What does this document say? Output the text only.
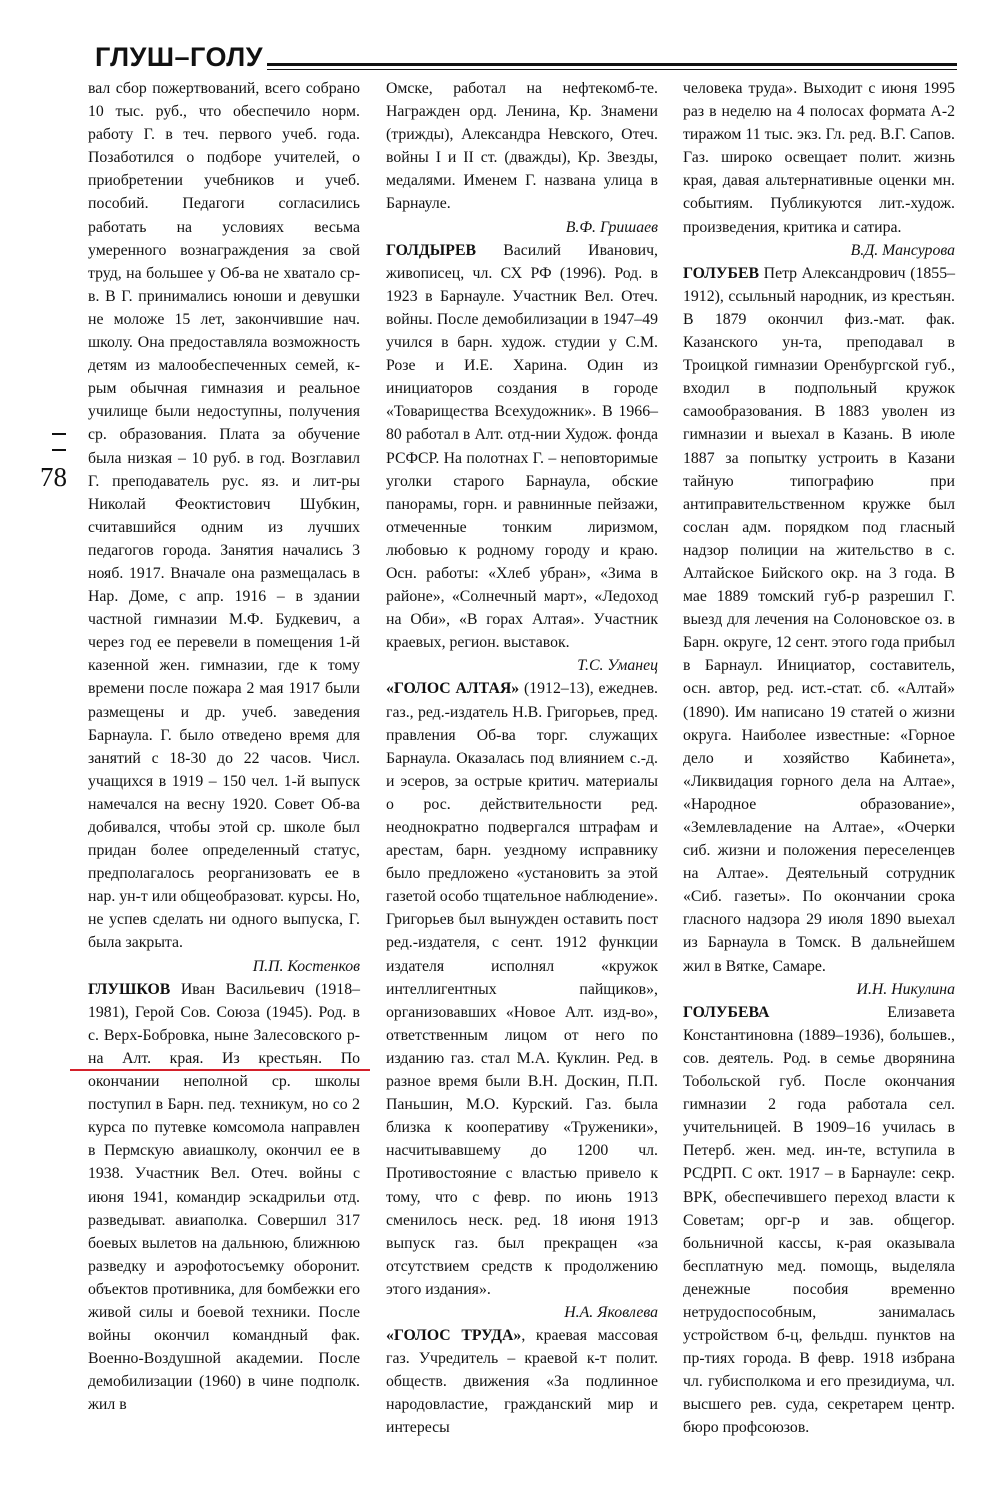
ГЛУШ–ГОЛУ
78

вал сбор пожертвований, всего собрано 10 тыс. руб., что обеспечило норм. работу Г. в теч. первого учеб. года. Позаботился о подборе учителей, о приобретении учебников и учеб. пособий. Педагоги согласились работать на условиях весьма умеренного вознаграждения за свой труд, на большее у Об-ва не хватало ср-в. В Г. принимались юноши и девушки не моложе 15 лет, закончившие нач. школу. Она предоставляла возможность детям из малообеспеченных семей, к-рым обычная гимназия и реальное училище были недоступны, получения ср. образования. Плата за обучение была низкая – 10 руб. в год. Возглавил Г. преподаватель рус. яз. и лит-ры Николай Феоктистович Шубкин, считавшийся одним из лучших педагогов города. Занятия начались 3 нояб. 1917. Вначале она размещалась в Нар. Доме, с апр. 1916 – в здании частной гимназии М.Ф. Будкевич, а через год ее перевели в помещения 1-й казенной жен. гимназии, где к тому времени после пожара 2 мая 1917 были размещены и др. учеб. заведения Барнаула. Г. было отведено время для занятий с 18-30 до 22 часов. Числ. учащихся в 1919 – 150 чел. 1-й выпуск намечался на весну 1920. Совет Об-ва добивался, чтобы этой ср. школе был придан более определенный статус, предполагалось реорганизовать ее в нар. ун-т или общеобразоват. курсы. Но, не успев сделать ни одного выпуска, Г. была закрыта.

П.П. Костенков

ГЛУШКОВ Иван Васильевич (1918–1981), Герой Сов. Союза (1945). Род. в с. Верх-Бобровка, ныне Залесовского р-на Алт. края. Из крестьян. По окончании неполной ср. школы поступил в Барн. пед. техникум, но со 2 курса по путевке комсомола направлен в Пермскую авиашколу, окончил ее в 1938. Участник Вел. Отеч. войны с июня 1941, командир эскадрильи отд. разведыват. авиаполка. Совершил 317 боевых вылетов на дальнюю, ближнюю разведку и аэрофотосъемку оборонит. объектов противника, для бомбежки его живой силы и боевой техники. После войны окончил командный фак. Военно-Воздушной академии. После демобилизации (1960) в чине подполк. жил в

Омске, работал на нефтекомб-те. Награжден орд. Ленина, Кр. Знамени (трижды), Александра Невского, Отеч. войны I и II ст. (дважды), Кр. Звезды, медалями. Именем Г. названа улица в Барнауле.

В.Ф. Гришаев

ГОЛДЫРЕВ Василий Иванович, живописец, чл. СХ РФ (1996). Род. в 1923 в Барнауле. Участник Вел. Отеч. войны. После демобилизации в 1947–49 учился в барн. худож. студии у С.М. Розе и И.Е. Харина. Один из инициаторов создания в городе «Товарищества Всехудожник». В 1966–80 работал в Алт. отд-нии Худож. фонда РСФСР. На полотнах Г. – неповторимые уголки старого Барнаула, обские панорамы, горн. и равнинные пейзажи, отмеченные тонким лиризмом, любовью к родному городу и краю. Осн. работы: «Хлеб убран», «Зима в районе», «Солнечный март», «Ледоход на Оби», «В горах Алтая». Участник краевых, регион. выставок.

Т.С. Уманец

«ГОЛОС АЛТАЯ» (1912–13), ежеднев. газ., ред.-издатель Н.В. Григорьев, пред. правления Об-ва торг. служащих Барнаула. Оказалась под влиянием с.-д. и эсеров, за острые критич. материалы о рос. действительности ред. неоднократно подвергался штрафам и арестам, барн. уездному исправнику было предложено «установить за этой газетой особо тщательное наблюдение». Григорьев был вынужден оставить пост ред.-издателя, с сент. 1912 функции издателя исполнял «кружок интеллигентных пайщиков», организовавших «Новое Алт. изд-во», ответственным лицом от него по изданию газ. стал М.А. Куклин. Ред. в разное время были В.Н. Доскин, П.П. Паньшин, М.О. Курский. Газ. была близка к кооперативу «Труженики», насчитывавшему до 1200 чл. Противостояние с властью привело к тому, что с февр. по июнь 1913 сменилось неск. ред. 18 июня 1913 выпуск газ. был прекращен «за отсутствием средств к продолжению этого издания».

Н.А. Яковлева

«ГОЛОС ТРУДА», краевая массовая газ. Учредитель – краевой к-т полит. обществ. движения «За подлинное народовластие, гражданский мир и интересы

человека труда». Выходит с июня 1995 раз в неделю на 4 полосах формата А-2 тиражом 11 тыс. экз. Гл. ред. В.Г. Сапов. Газ. широко освещает полит. жизнь края, давая альтернативные оценки мн. событиям. Публикуются лит.-худож. произведения, критика и сатира.

В.Д. Мансурова

ГОЛУБЕВ Петр Александрович (1855–1912), ссыльный народник, из крестьян. В 1879 окончил физ.-мат. фак. Казанского ун-та, преподавал в Троицкой гимназии Оренбургской губ., входил в подпольный кружок самообразования. В 1883 уволен из гимназии и выехал в Казань. В июле 1887 за попытку устроить в Казани тайную типографию при антиправительственном кружке был сослан адм. порядком под гласный надзор полиции на жительство в с. Алтайское Бийского окр. на 3 года. В мае 1889 томский губ-р разрешил Г. выезд для лечения на Солоновское оз. в Барн. округе, 12 сент. этого года прибыл в Барнаул. Инициатор, составитель, осн. автор, ред. ист.-стат. сб. «Алтай» (1890). Им написано 19 статей о жизни округа. Наиболее известные: «Горное дело и хозяйство Кабинета», «Ликвидация горного дела на Алтае», «Народное образование», «Землевладение на Алтае», «Очерки сиб. жизни и положения переселенцев на Алтае». Деятельный сотрудник «Сиб. газеты». По окончании срока гласного надзора 29 июля 1890 выехал из Барнаула в Томск. В дальнейшем жил в Вятке, Самаре.

И.Н. Никулина

ГОЛУБЕВА Елизавета Константиновна (1889–1936), большев., сов. деятель. Род. в семье дворянина Тобольской губ. После окончания гимназии 2 года работала сел. учительницей. В 1909–16 училась в Петерб. жен. мед. ин-те, вступила в РСДРП. С окт. 1917 – в Барнауле: секр. ВРК, обеспечившего переход власти к Советам; орг-р и зав. общегор. больничной кассы, к-рая оказывала бесплатную мед. помощь, выделяла денежные пособия временно нетрудоспособным, занималась устройством б-ц, фельдш. пунктов на пр-тиях города. В февр. 1918 избрана чл. губисполкома и его президиума, чл. высшего рев. суда, секретарем центр. бюро профсоюзов.
